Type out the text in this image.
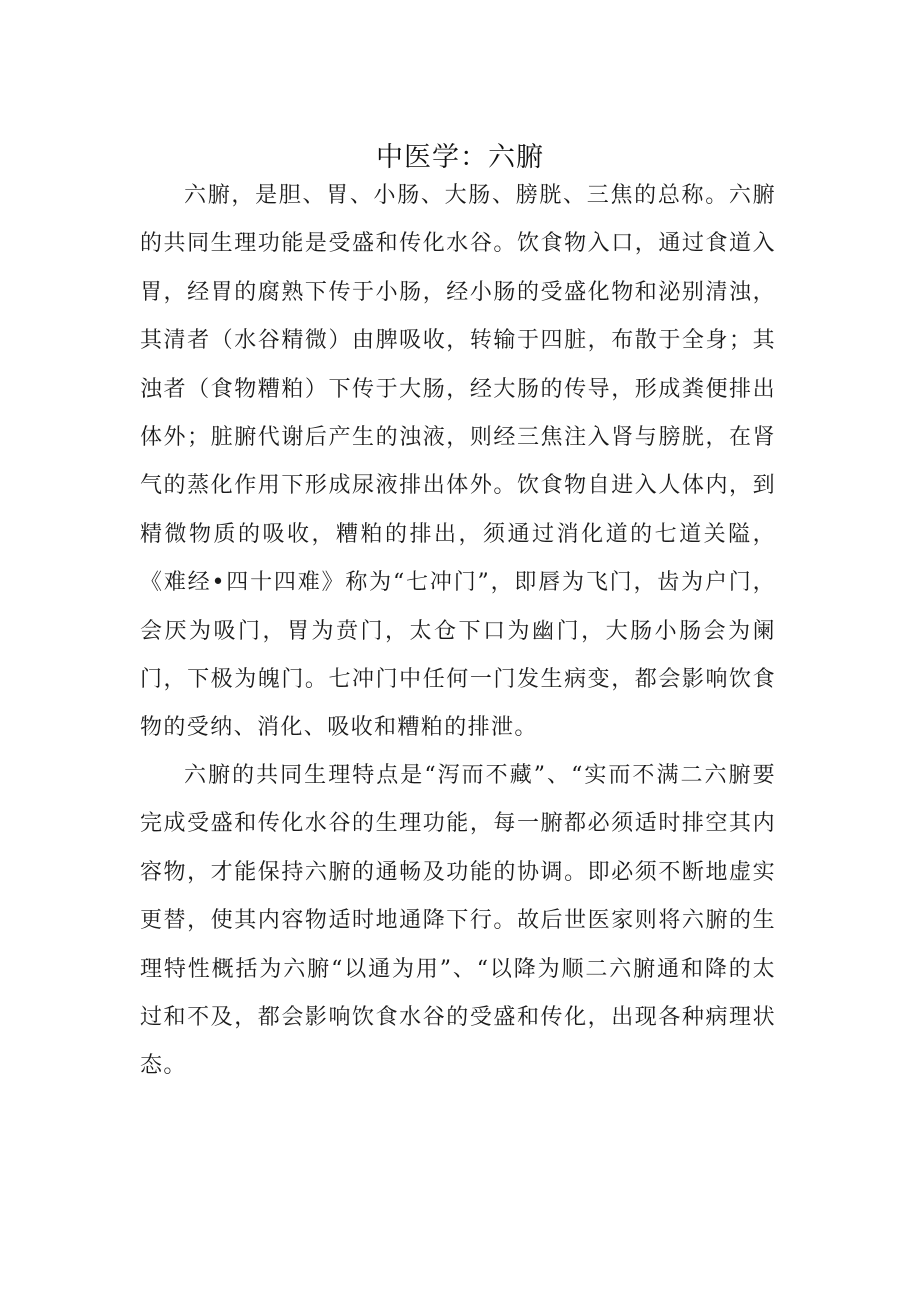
中医学：六腑

六腑，是胆、胃、小肠、大肠、膀胱、三焦的总称。六腑的共同生理功能是受盛和传化水谷。饮食物入口，通过食道入胃，经胃的腐熟下传于小肠，经小肠的受盛化物和泌别清浊，其清者（水谷精微）由脾吸收，转输于四脏，布散于全身；其浊者（食物糟粕）下传于大肠，经大肠的传导，形成粪便排出体外；脏腑代谢后产生的浊液，则经三焦注入肾与膀胱，在肾气的蒸化作用下形成尿液排出体外。饮食物自进入人体内，到精微物质的吸收，糟粕的排出，须通过消化道的七道关隘，《难经•四十四难》称为“七冲门”，即唇为飞门，齿为户门，会厌为吸门，胃为贲门，太仓下口为幽门，大肠小肠会为阑门，下极为魄门。七冲门中任何一门发生病变，都会影响饮食物的受纳、消化、吸收和糟粕的排泄。

六腑的共同生理特点是“泻而不藏”、“实而不满二六腑要完成受盛和传化水谷的生理功能，每一腑都必须适时排空其内容物，才能保持六腑的通畅及功能的协调。即必须不断地虚实更替，使其内容物适时地通降下行。故后世医家则将六腑的生理特性概括为六腑“以通为用”、“以降为顺二六腑通和降的太过和不及，都会影响饮食水谷的受盛和传化，出现各种病理状态。
